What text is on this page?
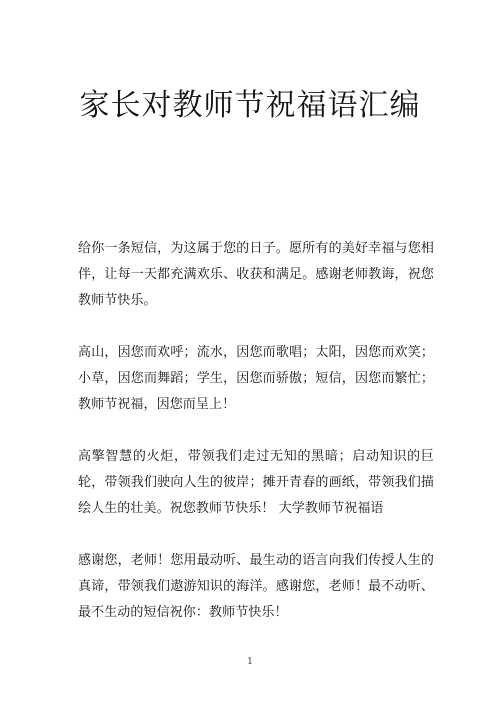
家长对教师节祝福语汇编

给你一条短信，为这属于您的日子。愿所有的美好幸福与您相伴，让每一天都充满欢乐、收获和满足。感谢老师教诲，祝您教师节快乐。

高山，因您而欢呼；流水，因您而歌唱；太阳，因您而欢笑；小草，因您而舞蹈；学生，因您而骄傲；短信，因您而繁忙；教师节祝福，因您而呈上！

高擎智慧的火炬，带领我们走过无知的黑暗；启动知识的巨轮，带领我们驶向人生的彼岸；摊开青春的画纸，带领我们描绘人生的壮美。祝您教师节快乐！ 大学教师节祝福语

感谢您，老师！您用最动听、最生动的语言向我们传授人生的真谛，带领我们遨游知识的海洋。感谢您，老师！最不动听、最不生动的短信祝你：教师节快乐！

1
